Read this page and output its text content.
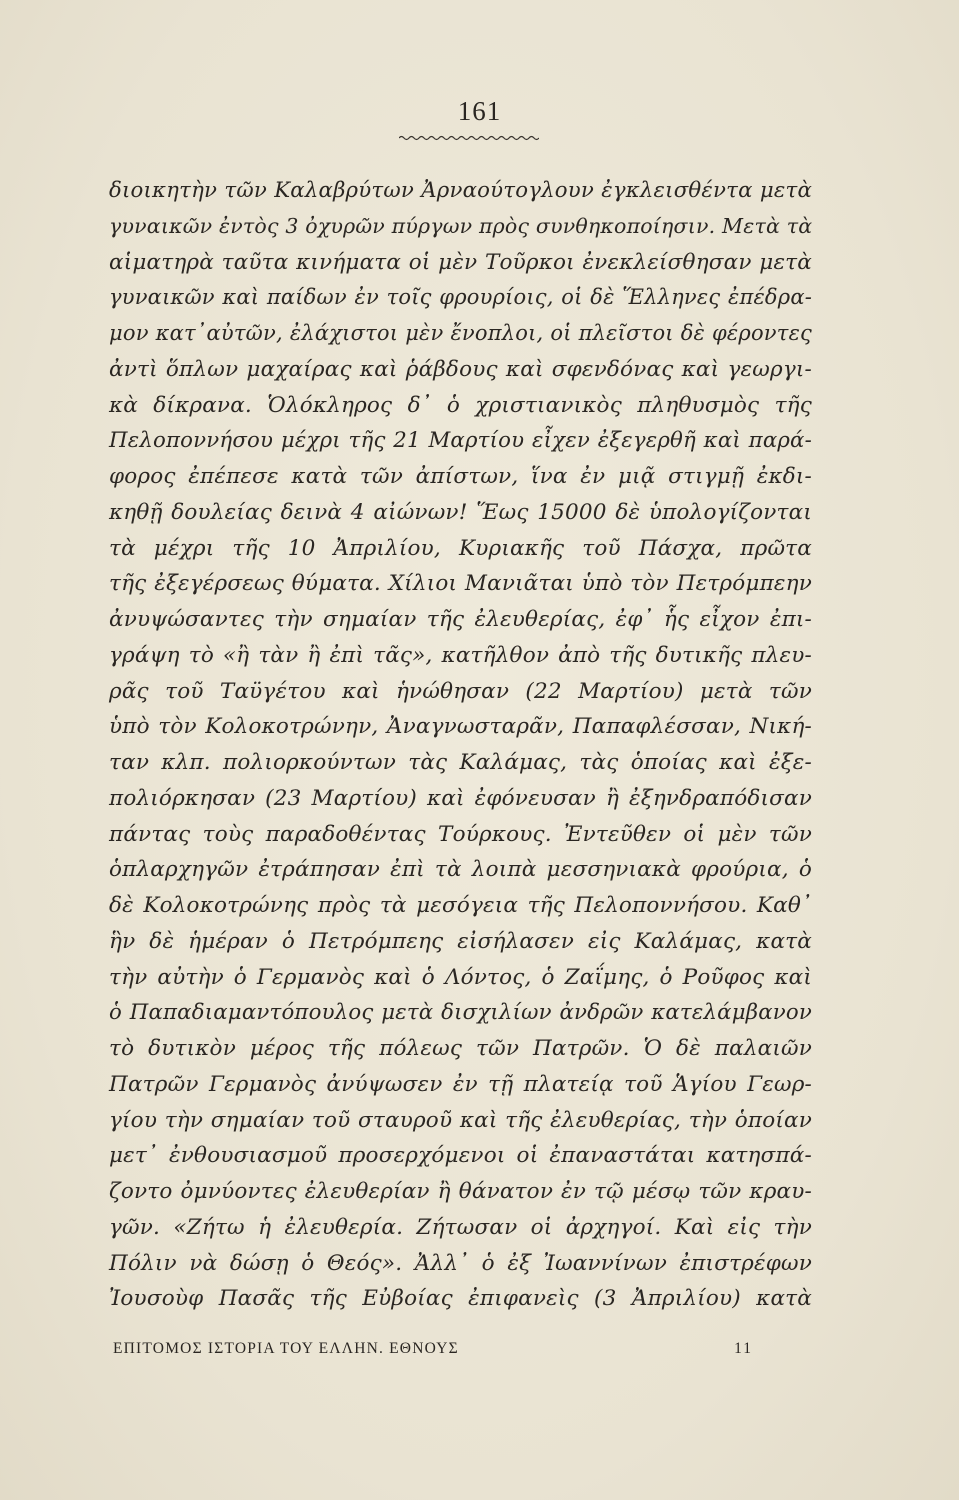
161
διοικητὴν τῶν Καλαβρύτων Ἀρναούτογλουν ἐγκλεισθέντα μετὰ
γυναικῶν ἐντὸς 3 ὀχυρῶν πύργων πρὸς συνθηκοποίησιν. Μετὰ τὰ
αἱματηρὰ ταῦτα κινήματα οἱ μὲν Τοῦρκοι ἐνεκλείσθησαν μετὰ
γυναικῶν καὶ παίδων ἐν τοῖς φρουρίοις, οἱ δὲ Ἕλληνες ἐπέδρα-
μον κατ᾽αὐτῶν, ἐλάχιστοι μὲν ἔνοπλοι, οἱ πλεῖστοι δὲ φέροντες
ἀντὶ ὅπλων μαχαίρας καὶ ῥάβδους καὶ σφενδόνας καὶ γεωργι-
κὰ δίκρανα. Ὁλόκληρος δ᾽ ὁ χριστιανικὸς πληθυσμὸς τῆς
Πελοποννήσου μέχρι τῆς 21 Μαρτίου εἶχεν ἐξεγερθῆ καὶ παρά-
φορος ἐπέπεσε κατὰ τῶν ἀπίστων, ἵνα ἐν μιᾷ στιγμῇ ἐκδι-
κηθῇ δουλείας δεινὰ 4 αἰώνων! Ἕως 15000 δὲ ὑπολογίζονται
τὰ μέχρι τῆς 10 Ἀπριλίου, Κυριακῆς τοῦ Πάσχα, πρῶτα
τῆς ἐξεγέρσεως θύματα. Χίλιοι Μανιᾶται ὑπὸ τὸν Πετρόμπεην
ἀνυψώσαντες τὴν σημαίαν τῆς ἐλευθερίας, ἐφ᾽ ἧς εἶχον ἐπι-
γράψη τὸ «ἢ τὰν ἢ ἐπὶ τᾶς», κατῆλθον ἀπὸ τῆς δυτικῆς πλευ-
ρᾶς τοῦ Ταϋγέτου καὶ ἡνώθησαν (22 Μαρτίου) μετὰ τῶν
ὑπὸ τὸν Κολοκοτρώνην, Ἀναγνωσταρᾶν, Παπαφλέσσαν, Νική-
ταν κλπ. πολιορκούντων τὰς Καλάμας, τὰς ὁποίας καὶ ἐξε-
πολιόρκησαν (23 Μαρτίου) καὶ ἐφόνευσαν ἢ ἐξηνδραπόδισαν
πάντας τοὺς παραδοθέντας Τούρκους. Ἐντεῦθεν οἱ μὲν τῶν
ὁπλαρχηγῶν ἐτράπησαν ἐπὶ τὰ λοιπὰ μεσσηνιακὰ φρούρια, ὁ
δὲ Κολοκοτρώνης πρὸς τὰ μεσόγεια τῆς Πελοποννήσου. Καθ᾽
ἣν δὲ ἡμέραν ὁ Πετρόμπεης εἰσήλασεν εἰς Καλάμας, κατὰ
τὴν αὐτὴν ὁ Γερμανὸς καὶ ὁ Λόντος, ὁ Ζαΐμης, ὁ Ροῦφος καὶ
ὁ Παπαδιαμαντόπουλος μετὰ δισχιλίων ἀνδρῶν κατελάμβανον
τὸ δυτικὸν μέρος τῆς πόλεως τῶν Πατρῶν. Ὁ δὲ παλαιῶν
Πατρῶν Γερμανὸς ἀνύψωσεν ἐν τῇ πλατείᾳ τοῦ Ἁγίου Γεωρ-
γίου τὴν σημαίαν τοῦ σταυροῦ καὶ τῆς ἐλευθερίας, τὴν ὁποίαν
μετ᾽ ἐνθουσιασμοῦ προσερχόμενοι οἱ ἐπαναστάται κατησπά-
ζοντο ὀμνύοντες ἐλευθερίαν ἢ θάνατον ἐν τῷ μέσῳ τῶν κραυ-
γῶν. «Ζήτω ἡ ἐλευθερία. Ζήτωσαν οἱ ἀρχηγοί. Καὶ εἰς τὴν
Πόλιν νὰ δώσῃ ὁ Θεός». Ἀλλ᾽ ὁ ἐξ Ἰωαννίνων ἐπιστρέφων
Ἰουσοὺφ Πασᾶς τῆς Εὐβοίας ἐπιφανεὶς (3 Ἀπριλίου) κατὰ
ΕΠΙΤΟΜΟΣ ΙΣΤΟΡΙΑ ΤΟΥ ΕΛΛΗΝ. ΕΘΝΟΥΣ	11
